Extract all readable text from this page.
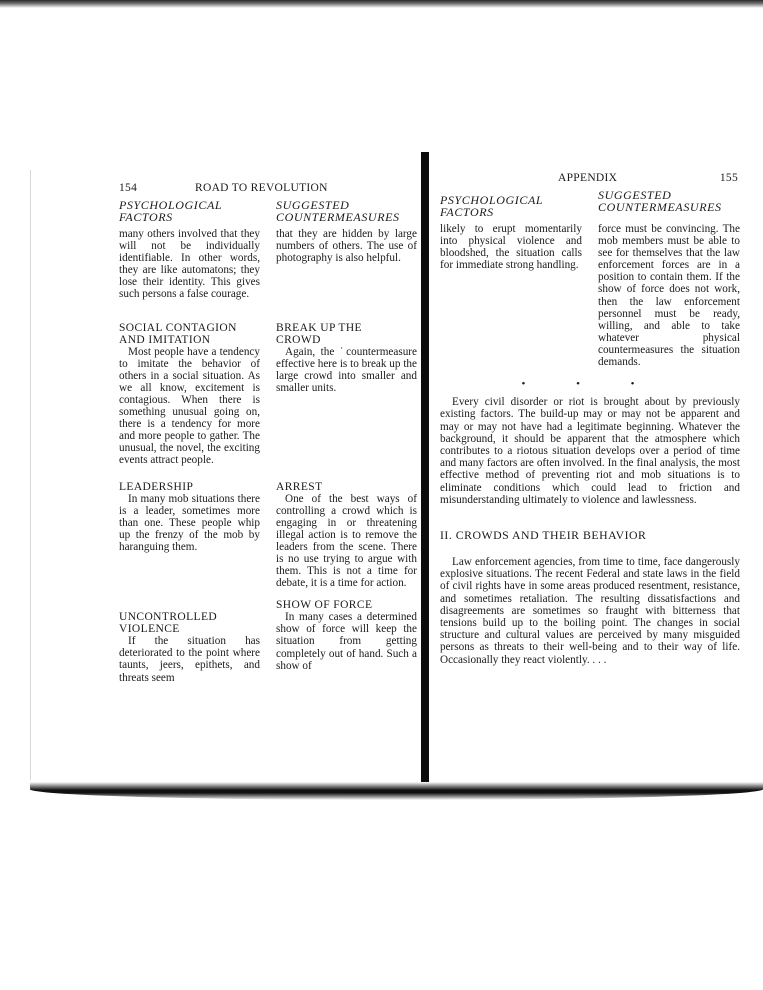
154	ROAD TO REVOLUTION
PSYCHOLOGICAL
FACTORS
SUGGESTED
COUNTERMEASURES

many others involved that they will not be individually identifiable. In other words, they are like automatons; they lose their identity. This gives such persons a false courage.

that they are hidden by large numbers of others. The use of photography is also helpful.

SOCIAL CONTAGION
AND IMITATION

Most people have a tendency to imitate the behavior of others in a social situation. As we all know, excitement is contagious. When there is something unusual going on, there is a tendency for more and more people to gather. The unusual, the novel, the exciting events attract people.

BREAK UP THE
CROWD

Again, the ˙countermeasure effective here is to break up the large crowd into smaller and smaller units.

LEADERSHIP

In many mob situations there is a leader, sometimes more than one. These people whip up the frenzy of the mob by haranguing them.

ARREST

One of the best ways of controlling a crowd which is engaging in or threatening illegal action is to remove the leaders from the scene. There is no use trying to argue with them. This is not a time for debate, it is a time for action.

UNCONTROLLED
VIOLENCE

If the situation has deteriorated to the point where taunts, jeers, epithets, and threats seem

SHOW OF FORCE

In many cases a determined show of force will keep the situation from getting completely out of hand. Such a show of

APPENDIX	155
PSYCHOLOGICAL
FACTORS
SUGGESTED
COUNTERMEASURES

likely to erupt momentarily into physical violence and bloodshed, the situation calls for immediate strong handling.

force must be convincing. The mob members must be able to see for themselves that the law enforcement forces are in a position to contain them. If the show of force does not work, then the law enforcement personnel must be ready, willing, and able to take whatever physical countermeasures the situation demands.

• • •

Every civil disorder or riot is brought about by previously existing factors. The build-up may or may not be apparent and may or may not have had a legitimate beginning. Whatever the background, it should be apparent that the atmosphere which contributes to a riotous situation develops over a period of time and many factors are often involved. In the final analysis, the most effective method of preventing riot and mob situations is to eliminate conditions which could lead to friction and misunderstanding ultimately to violence and lawlessness.

II. CROWDS AND THEIR BEHAVIOR

Law enforcement agencies, from time to time, face dangerously explosive situations. The recent Federal and state laws in the field of civil rights have in some areas produced resentment, resistance, and sometimes retaliation. The resulting dissatisfactions and disagreements are sometimes so fraught with bitterness that tensions build up to the boiling point. The changes in social structure and cultural values are perceived by many misguided persons as threats to their well-being and to their way of life. Occasionally they react violently. . . .
